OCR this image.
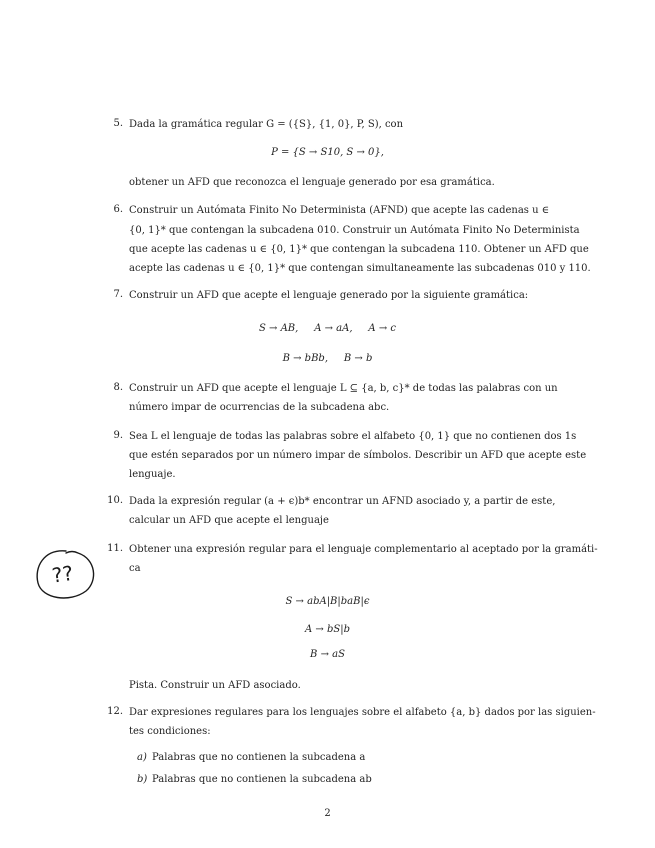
5. Dada la gramática regular G = ({S}, {1, 0}, P, S), con
P = {S → S10, S → 0},
obtener un AFD que reconozca el lenguaje generado por esa gramática.
6. Construir un Autómata Finito No Determinista (AFND) que acepte las cadenas u ∈
{0, 1}* que contengan la subcadena 010. Construir un Autómata Finito No Determinista
que acepte las cadenas u ∈ {0, 1}* que contengan la subcadena 110. Obtener un AFD que
acepte las cadenas u ∈ {0, 1}* que contengan simultaneamente las subcadenas 010 y 110.
7. Construir un AFD que acepte el lenguaje generado por la siguiente gramática:
S → AB,     A → aA,     A → c
B → bBb,     B → b
8. Construir un AFD que acepte el lenguaje L ⊆ {a, b, c}* de todas las palabras con un
número impar de ocurrencias de la subcadena abc.
9. Sea L el lenguaje de todas las palabras sobre el alfabeto {0, 1} que no contienen dos 1s
que estén separados por un número impar de símbolos. Describir un AFD que acepte este
lenguaje.
10. Dada la expresión regular (a + ϵ)b* encontrar un AFND asociado y, a partir de este,
calcular un AFD que acepte el lenguaje
11. Obtener una expresión regular para el lenguaje complementario al aceptado por la gramáti-
ca
S → abA|B|baB|ϵ
A → bS|b
B → aS
Pista. Construir un AFD asociado.
12. Dar expresiones regulares para los lenguajes sobre el alfabeto {a, b} dados por las siguien-
tes condiciones:
a) Palabras que no contienen la subcadena a
b) Palabras que no contienen la subcadena ab
??
2
